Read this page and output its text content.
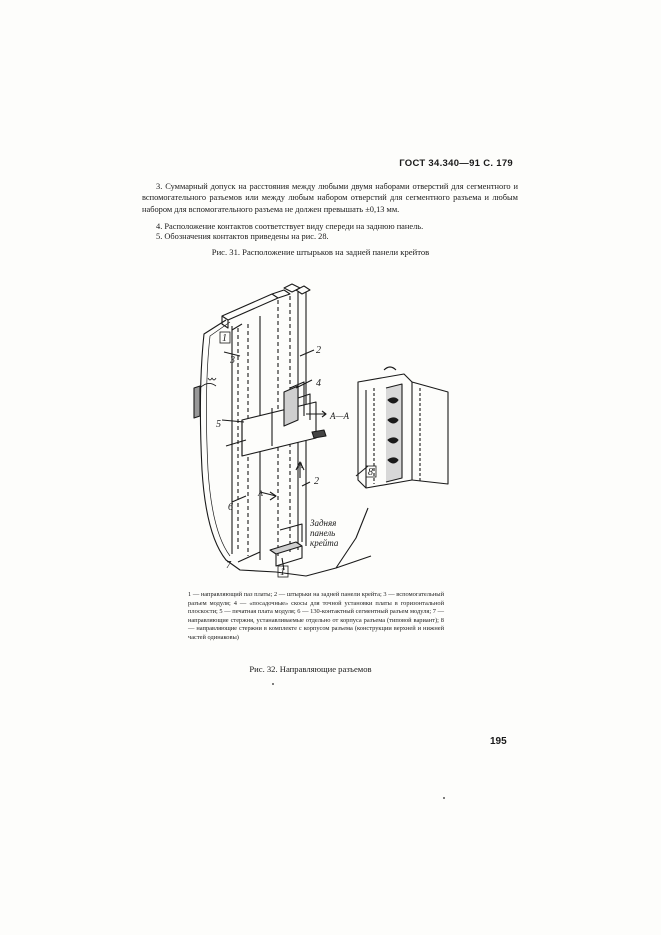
ГОСТ 34.340—91 С. 179
3. Суммарный допуск на расстояния между любыми двумя наборами отверстий для сегментного и вспомогательного разъемов или между любым набором отверстий для сегментного разъема и любым набором для вспомогательного разъема не должен превышать ±0,13 мм.
4. Расположение контактов соответствует виду спереди на заднюю панель.
5. Обозначения контактов приведены на рис. 28.
Рис. 31. Расположение штырьков на задней панели крейтов
1
2
3
4
5
А—А
А
А
2
6
Задняя
панель
крейта
7
1
8
1 — направляющий паз платы; 2 — штырьки на задней панели крейта; 3 — вспомогательный разъем модуля; 4 — «посадочные» скосы для точной установки платы в горизонтальной плоскости; 5 — печатная плата модуля; 6 — 130-контактный сегментный разъем модуля; 7 — направляющие стержня, устанавливаемые отдельно от корпуса разъема (типовой вариант); 8 — направляющие стержни в комплекте с корпусом разъема (конструкции верхней и нижней частей одинаковы)
Рис. 32. Направляющие разъемов
195
